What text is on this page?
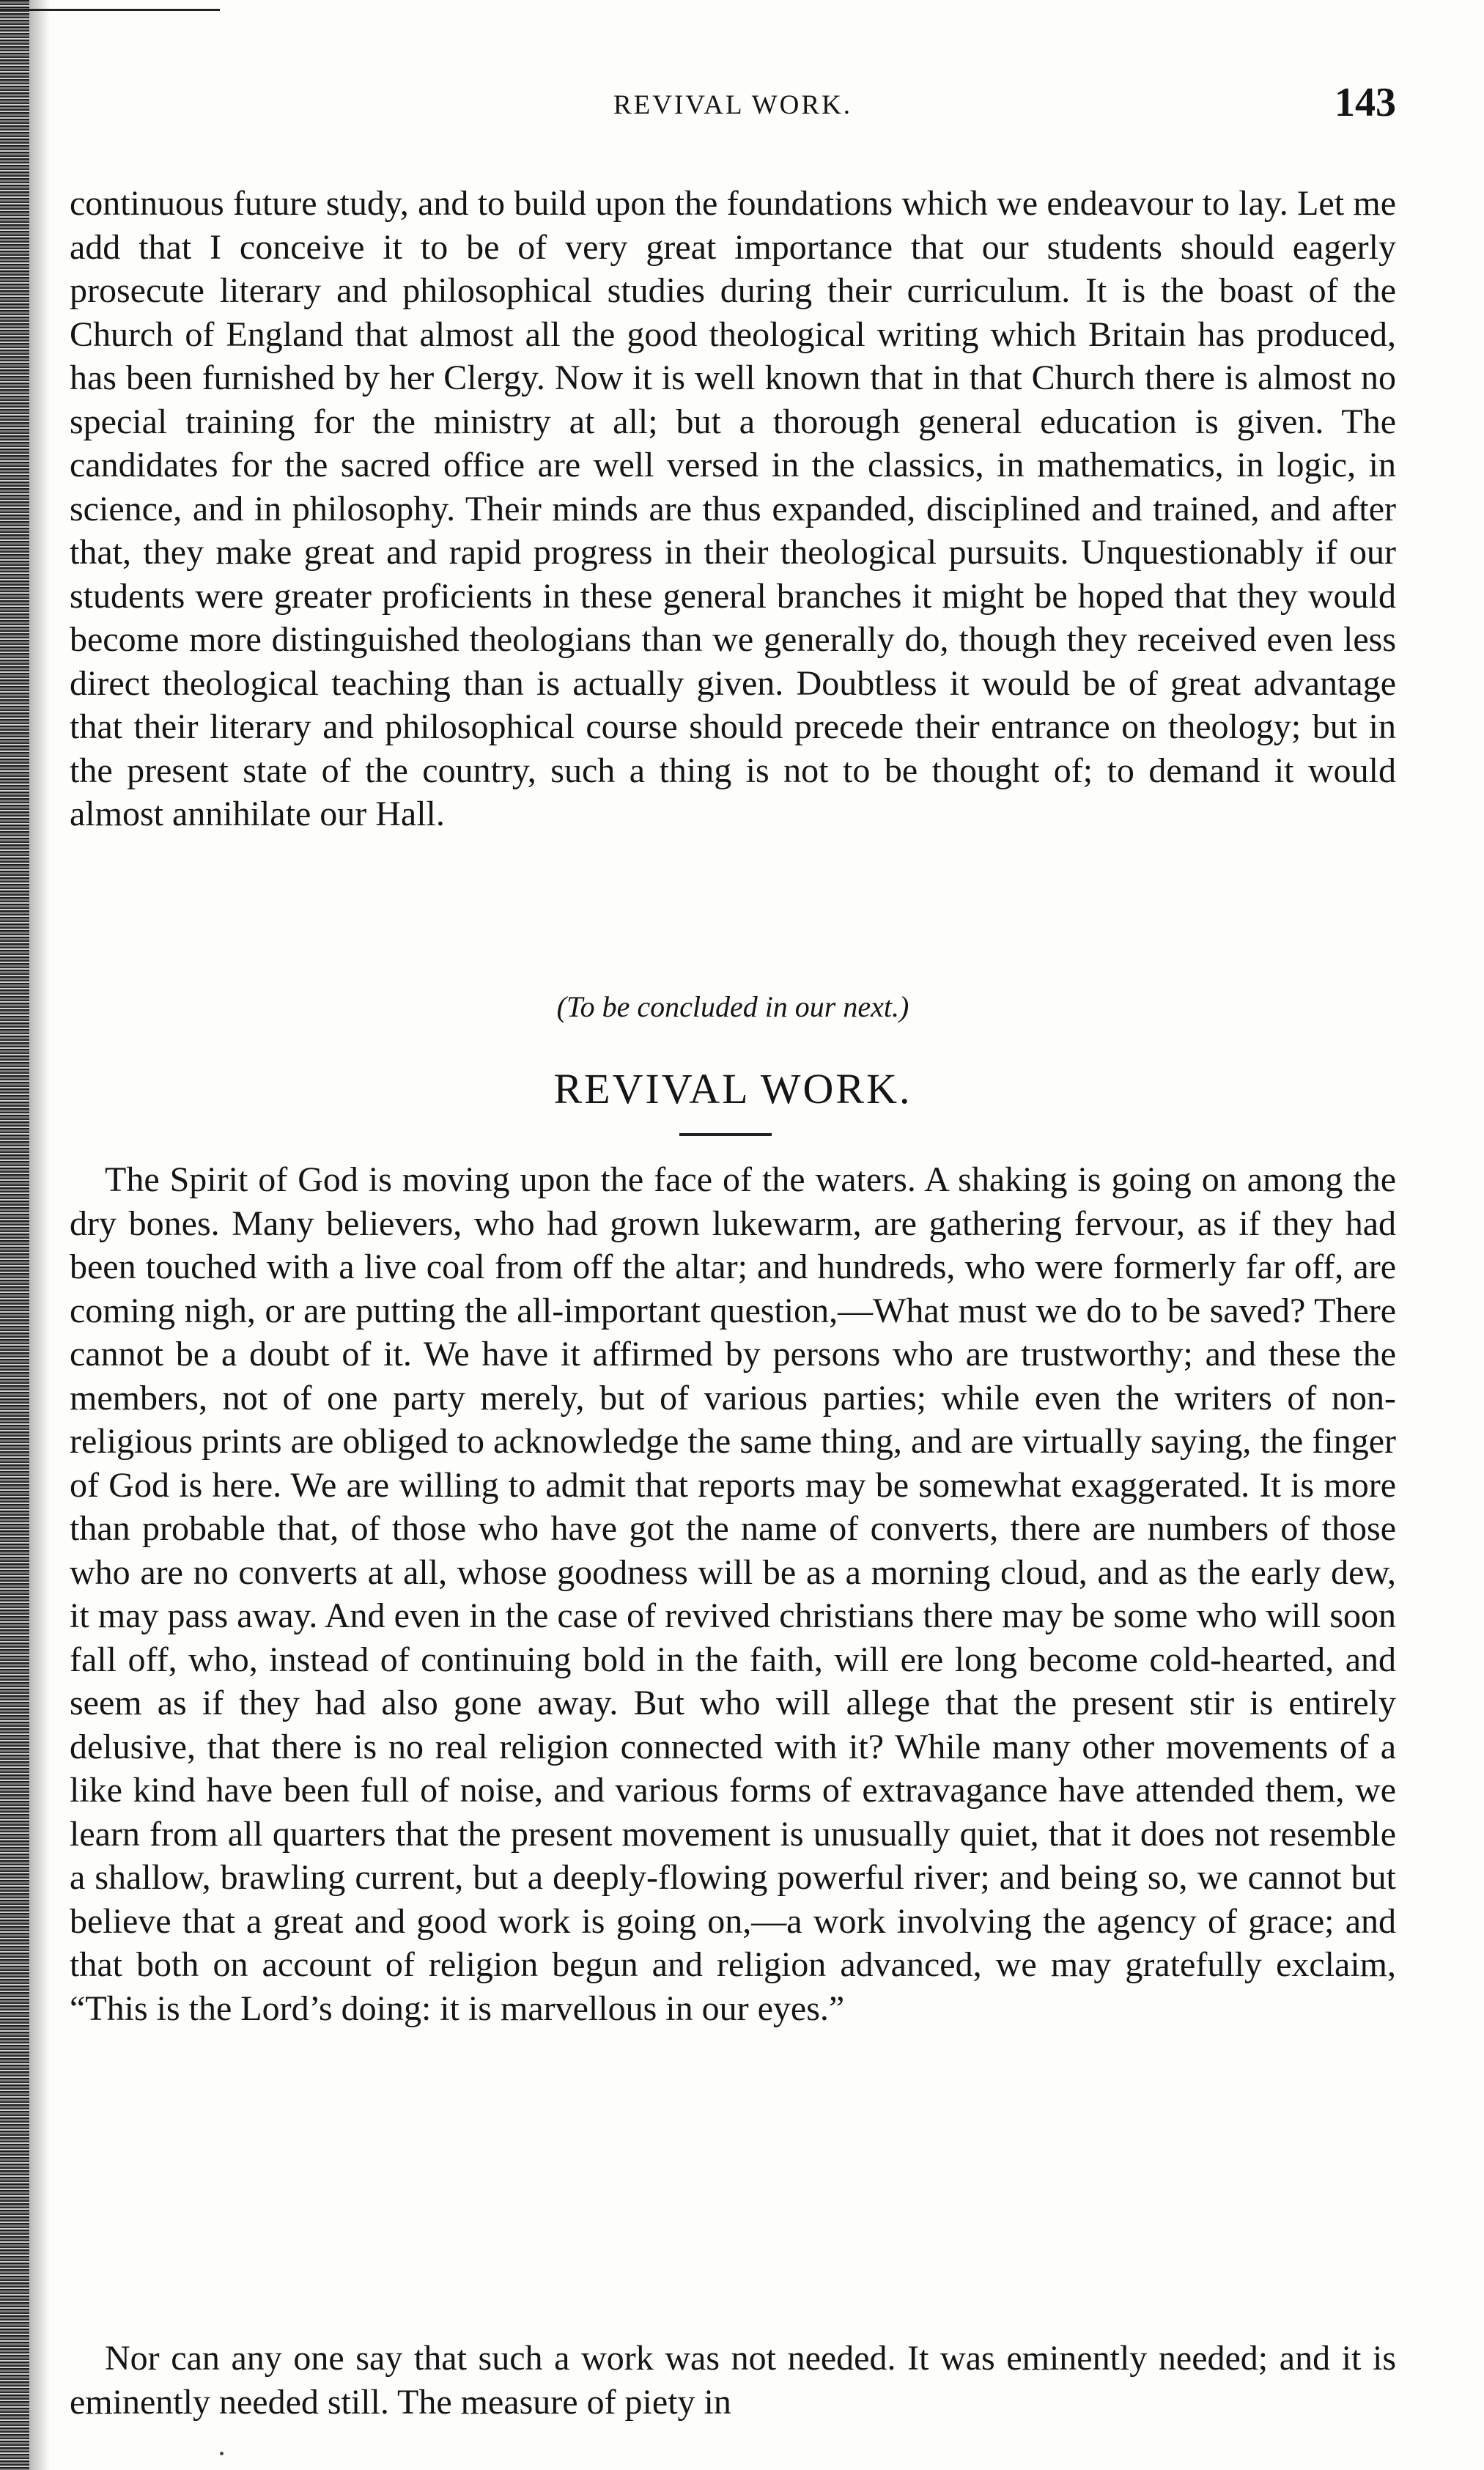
REVIVAL WORK.	143

continuous future study, and to build upon the foundations which we endeavour to lay. Let me add that I conceive it to be of very great importance that our students should eagerly prosecute literary and philosophical studies during their curriculum. It is the boast of the Church of England that almost all the good theological writing which Britain has produced, has been furnished by her Clergy. Now it is well known that in that Church there is almost no special training for the ministry at all; but a thorough general education is given. The candidates for the sacred office are well versed in the classics, in mathematics, in logic, in science, and in philosophy. Their minds are thus expanded, disciplined and trained, and after that, they make great and rapid progress in their theological pursuits. Unquestionably if our students were greater proficients in these general branches it might be hoped that they would become more distinguished theologians than we generally do, though they received even less direct theological teaching than is actually given. Doubtless it would be of great advantage that their literary and philosophical course should precede their entrance on theology; but in the present state of the country, such a thing is not to be thought of; to demand it would almost annihilate our Hall.

(To be concluded in our next.)
REVIVAL WORK.

The Spirit of God is moving upon the face of the waters. A shaking is going on among the dry bones. Many believers, who had grown lukewarm, are gathering fervour, as if they had been touched with a live coal from off the altar; and hundreds, who were formerly far off, are coming nigh, or are putting the all-important question,—What must we do to be saved? There cannot be a doubt of it. We have it affirmed by persons who are trustworthy; and these the members, not of one party merely, but of various parties; while even the writers of non-religious prints are obliged to acknowledge the same thing, and are virtually saying, the finger of God is here. We are willing to admit that reports may be somewhat exaggerated. It is more than probable that, of those who have got the name of converts, there are numbers of those who are no converts at all, whose goodness will be as a morning cloud, and as the early dew, it may pass away. And even in the case of revived christians there may be some who will soon fall off, who, instead of continuing bold in the faith, will ere long become cold-hearted, and seem as if they had also gone away. But who will allege that the present stir is entirely delusive, that there is no real religion connected with it? While many other movements of a like kind have been full of noise, and various forms of extravagance have attended them, we learn from all quarters that the present movement is unusually quiet, that it does not resemble a shallow, brawling current, but a deeply-flowing powerful river; and being so, we cannot but believe that a great and good work is going on,—a work involving the agency of grace; and that both on account of religion begun and religion advanced, we may gratefully exclaim, “This is the Lord’s doing: it is marvellous in our eyes.”

Nor can any one say that such a work was not needed. It was eminently needed; and it is eminently needed still. The measure of piety in
